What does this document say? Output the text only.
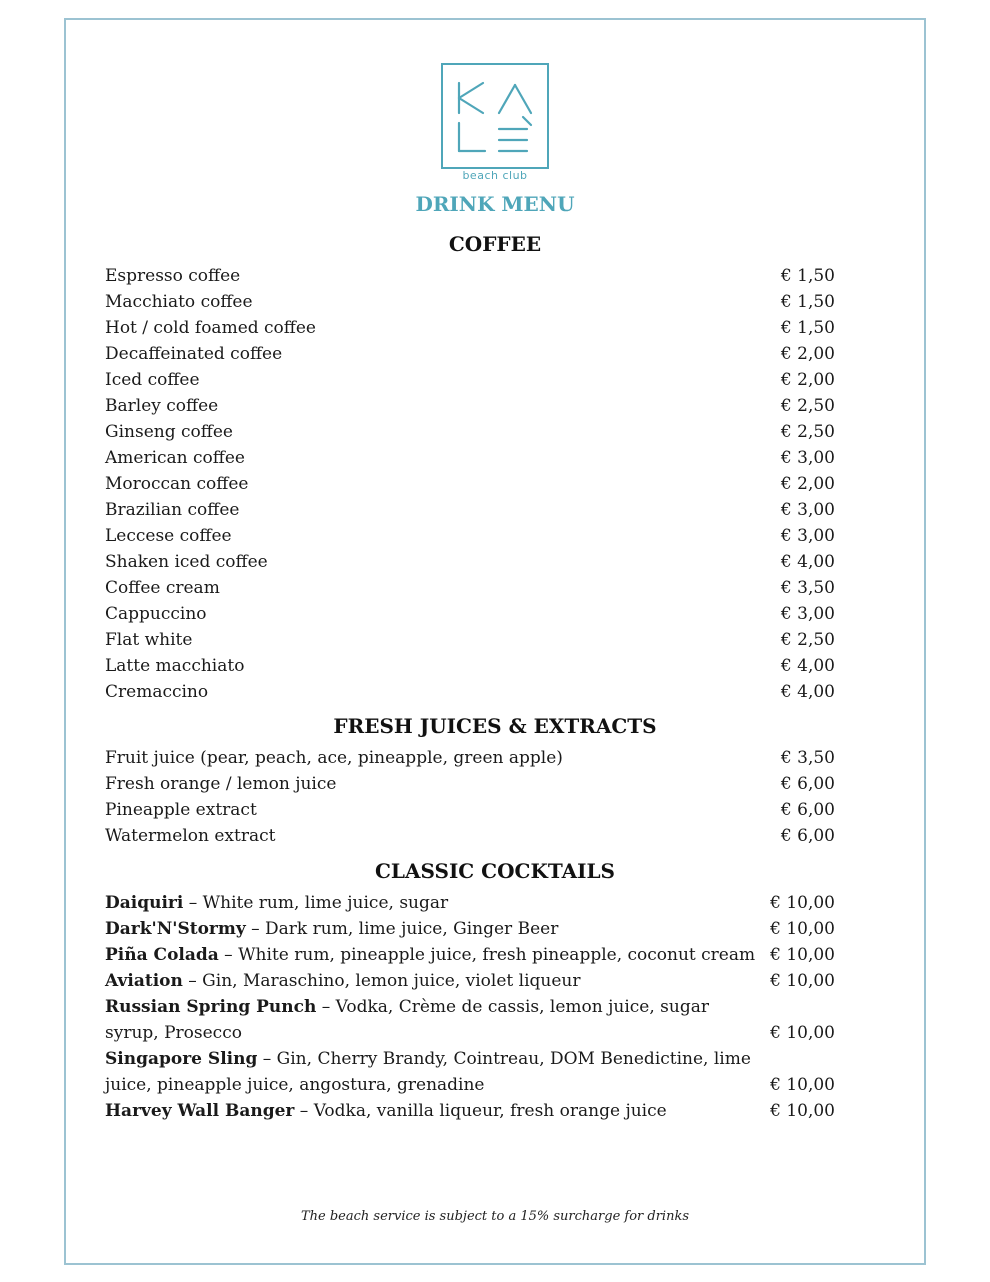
beach club
DRINK MENU
COFFEE
Espresso coffee	€ 1,50
Macchiato coffee	€ 1,50
Hot / cold foamed coffee	€ 1,50
Decaffeinated coffee	€ 2,00
Iced coffee	€ 2,00
Barley coffee	€ 2,50
Ginseng coffee	€ 2,50
American coffee	€ 3,00
Moroccan coffee	€ 2,00
Brazilian coffee	€ 3,00
Leccese coffee	€ 3,00
Shaken iced coffee	€ 4,00
Coffee cream	€ 3,50
Cappuccino	€ 3,00
Flat white	€ 2,50
Latte macchiato	€ 4,00
Cremaccino	€ 4,00
FRESH JUICES & EXTRACTS
Fruit juice (pear, peach, ace, pineapple, green apple)	€ 3,50
Fresh orange / lemon juice	€ 6,00
Pineapple extract	€ 6,00
Watermelon extract	€ 6,00
CLASSIC COCKTAILS
Daiquiri – White rum, lime juice, sugar	€ 10,00
Dark'N'Stormy – Dark rum, lime juice, Ginger Beer	€ 10,00
Piña Colada – White rum, pineapple juice, fresh pineapple, coconut cream € 10,00
Aviation – Gin, Maraschino, lemon juice, violet liqueur	€ 10,00
Russian Spring Punch – Vodka, Crème de cassis, lemon juice, sugar syrup, Prosecco	€ 10,00
Singapore Sling – Gin, Cherry Brandy, Cointreau, DOM Benedictine, lime juice, pineapple juice, angostura, grenadine	€ 10,00
Harvey Wall Banger – Vodka, vanilla liqueur, fresh orange juice	€ 10,00
The beach service is subject to a 15% surcharge for drinks
